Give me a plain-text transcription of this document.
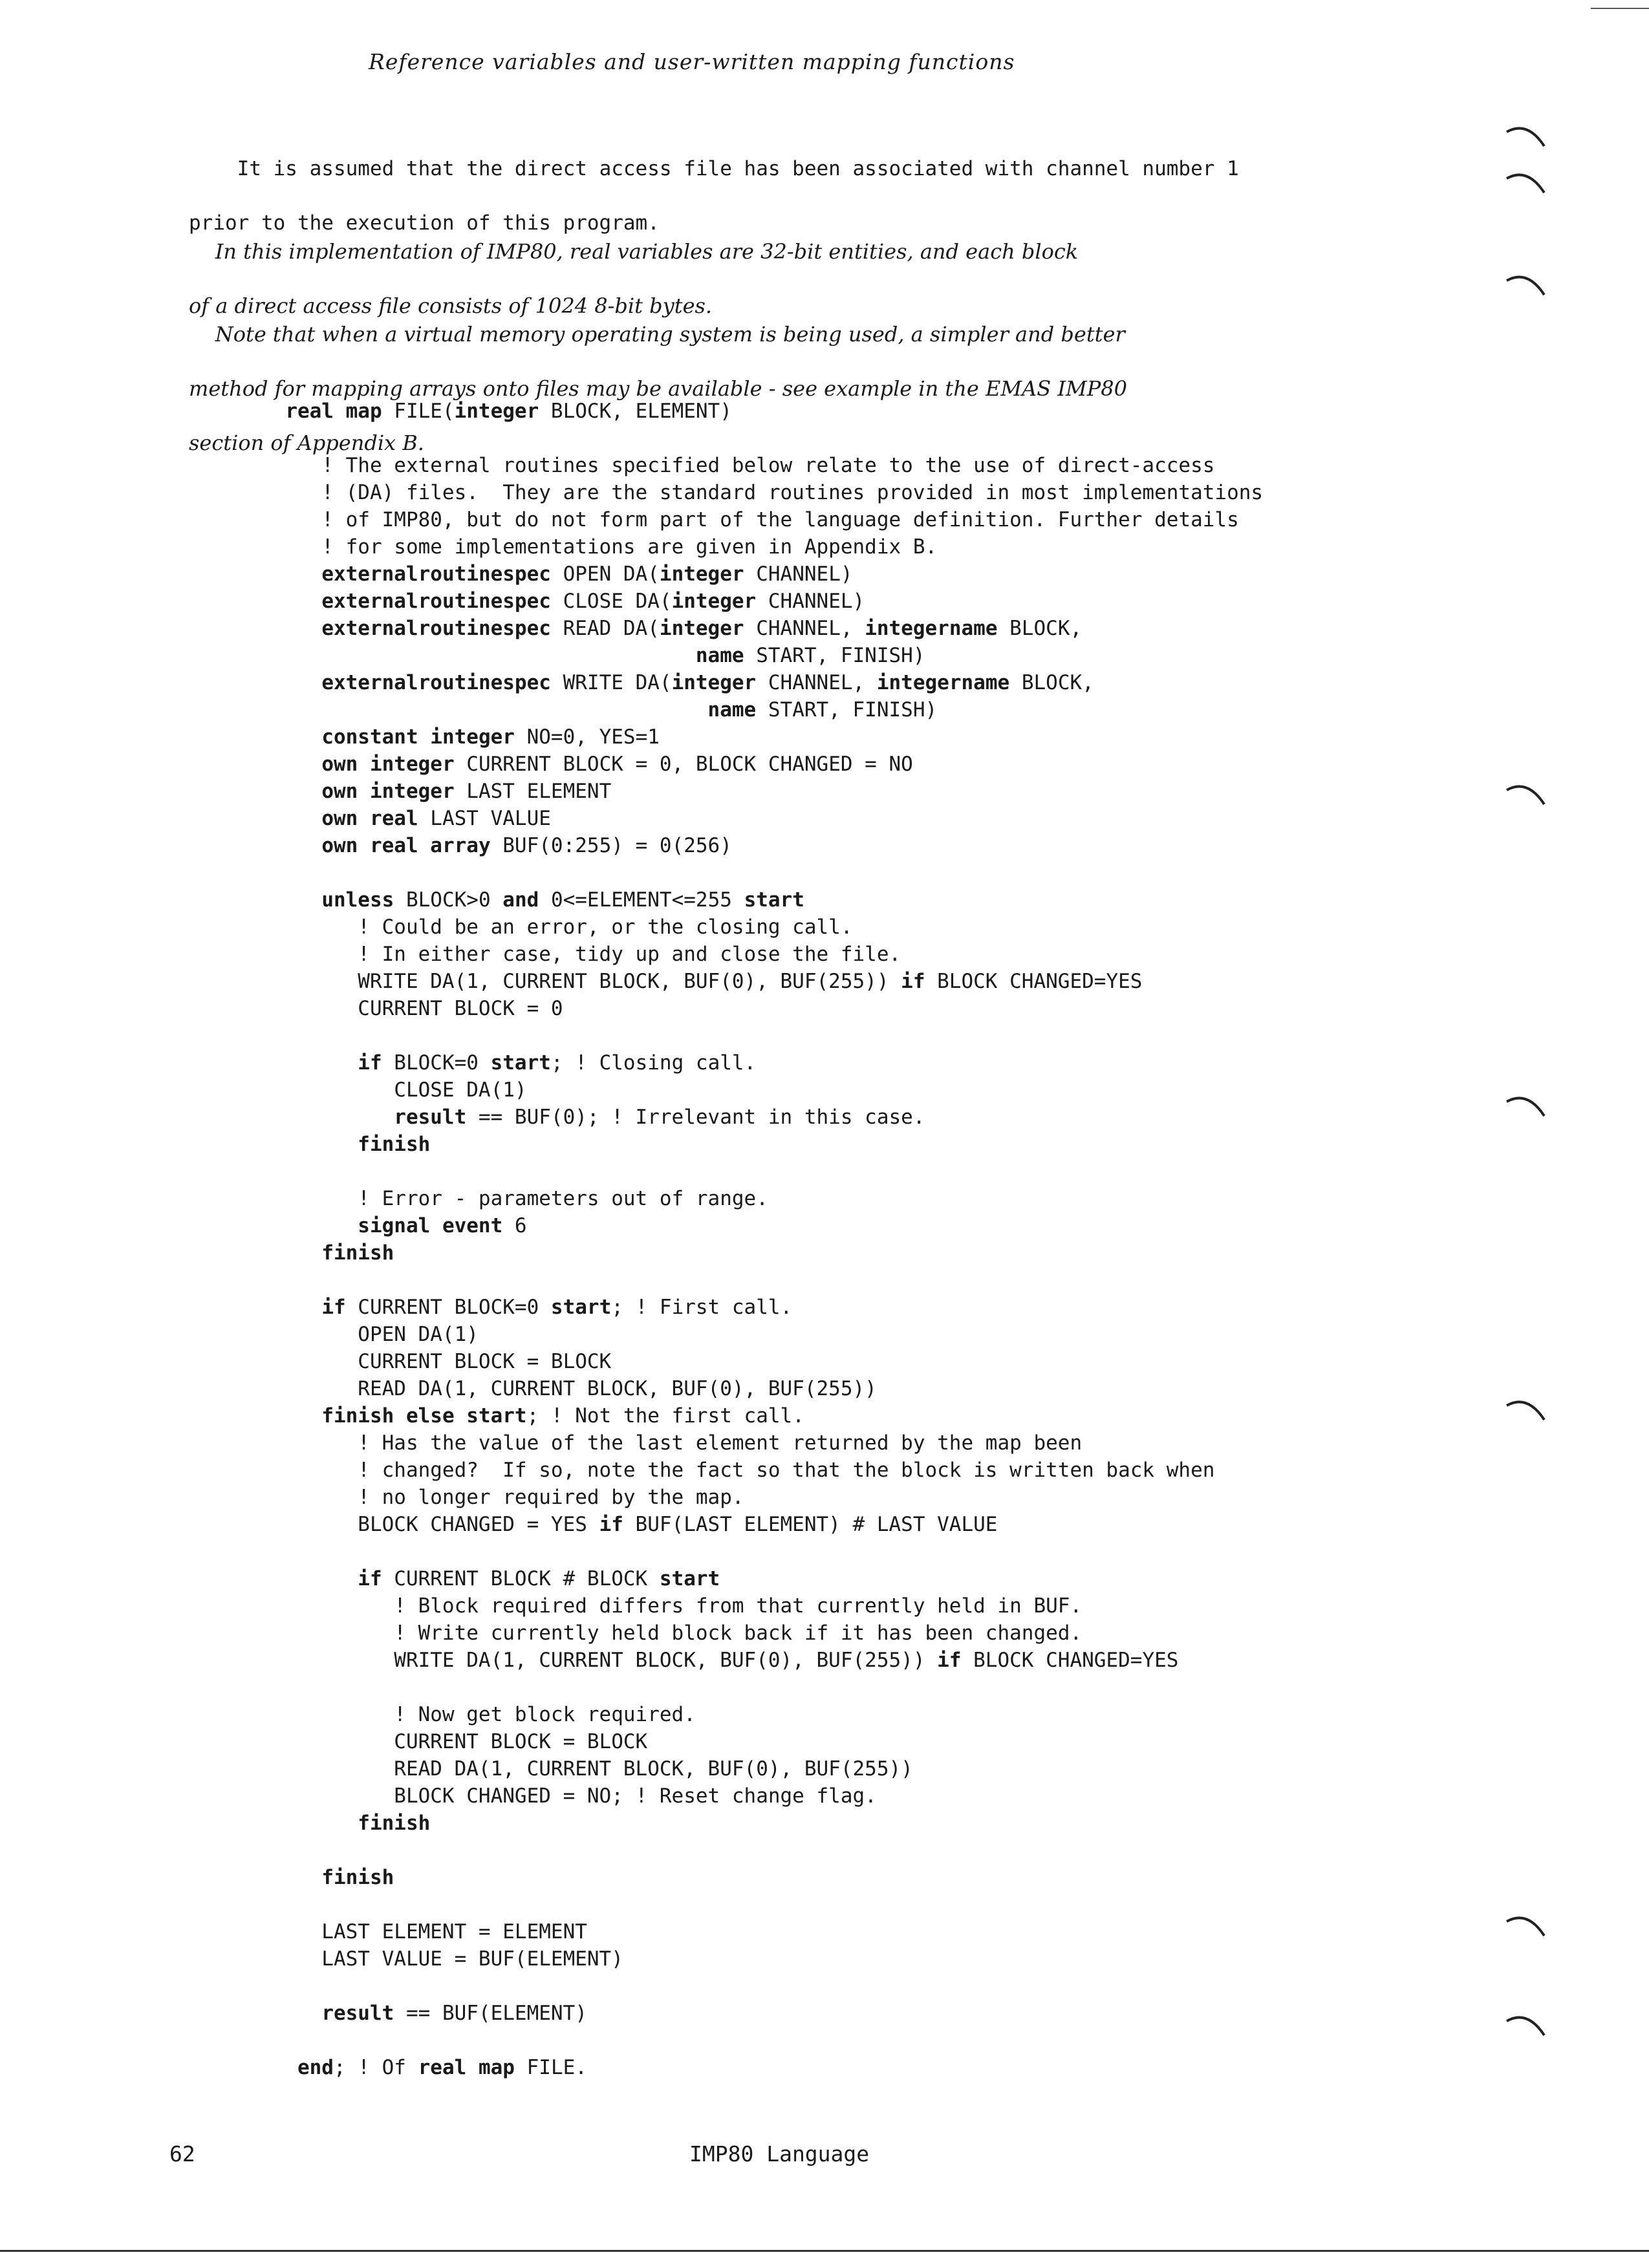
Reference variables and user-written mapping functions

It is assumed that the direct access file has been associated with channel number 1

prior to the execution of this program.

In this implementation of IMP80, real variables are 32-bit entities, and each block

of a direct access file consists of 1024 8-bit bytes.

Note that when a virtual memory operating system is being used, a simpler and better

method for mapping arrays onto files may be available - see example in the EMAS IMP80

section of Appendix B.

real map FILE(integer BLOCK, ELEMENT)

! The external routines specified below relate to the use of direct-access
! (DA) files.  They are the standard routines provided in most implementations
! of IMP80, but do not form part of the language definition. Further details
! for some implementations are given in Appendix B.
externalroutinespec OPEN DA(integer CHANNEL)
externalroutinespec CLOSE DA(integer CHANNEL)
externalroutinespec READ DA(integer CHANNEL, integername BLOCK,
name START, FINISH)
externalroutinespec WRITE DA(integer CHANNEL, integername BLOCK,
name START, FINISH)
constant integer NO=0, YES=1
own integer CURRENT BLOCK = 0, BLOCK CHANGED = NO
own integer LAST ELEMENT
own real LAST VALUE
own real array BUF(0:255) = 0(256)

unless BLOCK>0 and 0<=ELEMENT<=255 start
! Could be an error, or the closing call.
! In either case, tidy up and close the file.
WRITE DA(1, CURRENT BLOCK, BUF(0), BUF(255)) if BLOCK CHANGED=YES
CURRENT BLOCK = 0

if BLOCK=0 start; ! Closing call.
CLOSE DA(1)
result == BUF(0); ! Irrelevant in this case.
finish

! Error - parameters out of range.
signal event 6
finish

if CURRENT BLOCK=0 start; ! First call.
OPEN DA(1)
CURRENT BLOCK = BLOCK
READ DA(1, CURRENT BLOCK, BUF(0), BUF(255))
finish else start; ! Not the first call.
! Has the value of the last element returned by the map been
! changed?  If so, note the fact so that the block is written back when
! no longer required by the map.
BLOCK CHANGED = YES if BUF(LAST ELEMENT) # LAST VALUE

if CURRENT BLOCK # BLOCK start
! Block required differs from that currently held in BUF.
! Write currently held block back if it has been changed.
WRITE DA(1, CURRENT BLOCK, BUF(0), BUF(255)) if BLOCK CHANGED=YES

! Now get block required.
CURRENT BLOCK = BLOCK
READ DA(1, CURRENT BLOCK, BUF(0), BUF(255))
BLOCK CHANGED = NO; ! Reset change flag.
finish

finish

LAST ELEMENT = ELEMENT
LAST VALUE = BUF(ELEMENT)

result == BUF(ELEMENT)

end; ! Of real map FILE.
62	IMP80 Language
